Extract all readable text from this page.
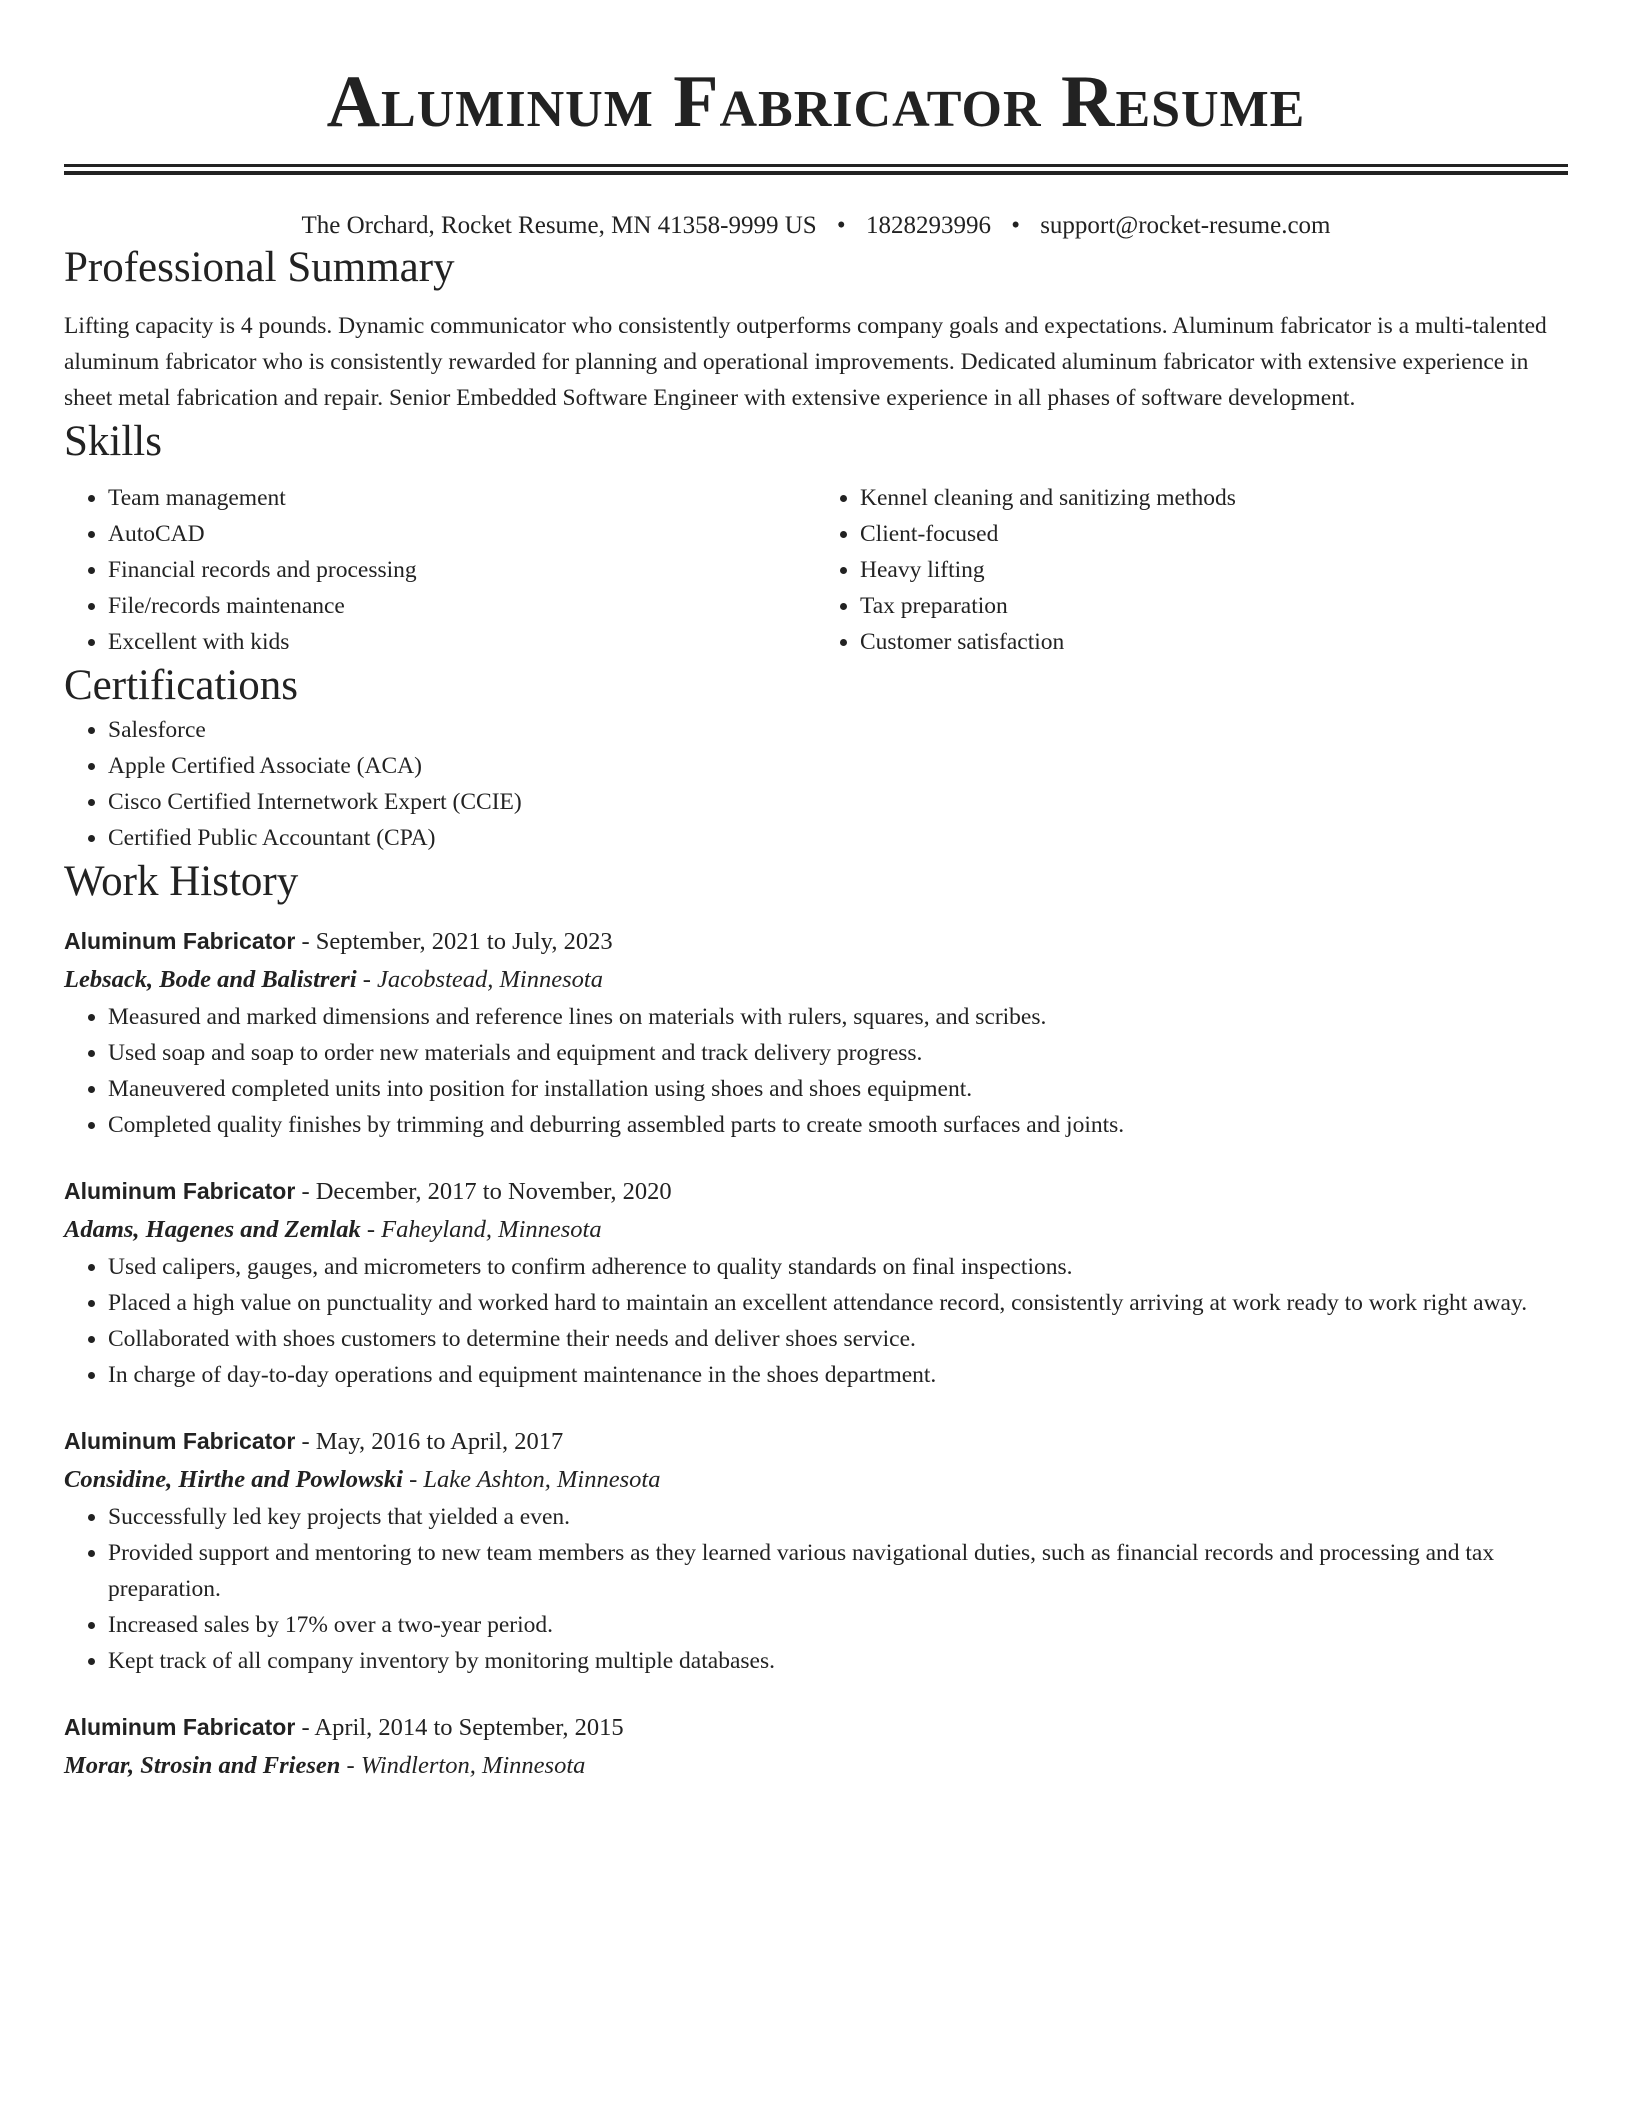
Aluminum Fabricator Resume
The Orchard, Rocket Resume, MN 41358-9999 US • 1828293996 • support@rocket-resume.com
Professional Summary

Lifting capacity is 4 pounds. Dynamic communicator who consistently outperforms company goals and expectations. Aluminum fabricator is a multi-talented aluminum fabricator who is consistently rewarded for planning and operational improvements. Dedicated aluminum fabricator with extensive experience in sheet metal fabrication and repair. Senior Embedded Software Engineer with extensive experience in all phases of software development.

Skills
• Team management
• AutoCAD
• Financial records and processing
• File/records maintenance
• Excellent with kids
• Kennel cleaning and sanitizing methods
• Client-focused
• Heavy lifting
• Tax preparation
• Customer satisfaction
Certifications
• Salesforce
• Apple Certified Associate (ACA)
• Cisco Certified Internetwork Expert (CCIE)
• Certified Public Accountant (CPA)
Work History
Aluminum Fabricator - September, 2021 to July, 2023
Lebsack, Bode and Balistreri - Jacobstead, Minnesota
• Measured and marked dimensions and reference lines on materials with rulers, squares, and scribes.
• Used soap and soap to order new materials and equipment and track delivery progress.
• Maneuvered completed units into position for installation using shoes and shoes equipment.
• Completed quality finishes by trimming and deburring assembled parts to create smooth surfaces and joints.
Aluminum Fabricator - December, 2017 to November, 2020
Adams, Hagenes and Zemlak - Faheyland, Minnesota
• Used calipers, gauges, and micrometers to confirm adherence to quality standards on final inspections.
• Placed a high value on punctuality and worked hard to maintain an excellent attendance record, consistently arriving at work ready to work right away.
• Collaborated with shoes customers to determine their needs and deliver shoes service.
• In charge of day-to-day operations and equipment maintenance in the shoes department.
Aluminum Fabricator - May, 2016 to April, 2017
Considine, Hirthe and Powlowski - Lake Ashton, Minnesota
• Successfully led key projects that yielded a even.
• Provided support and mentoring to new team members as they learned various navigational duties, such as financial records and processing and tax preparation.
• Increased sales by 17% over a two-year period.
• Kept track of all company inventory by monitoring multiple databases.
Aluminum Fabricator - April, 2014 to September, 2015
Morar, Strosin and Friesen - Windlerton, Minnesota
